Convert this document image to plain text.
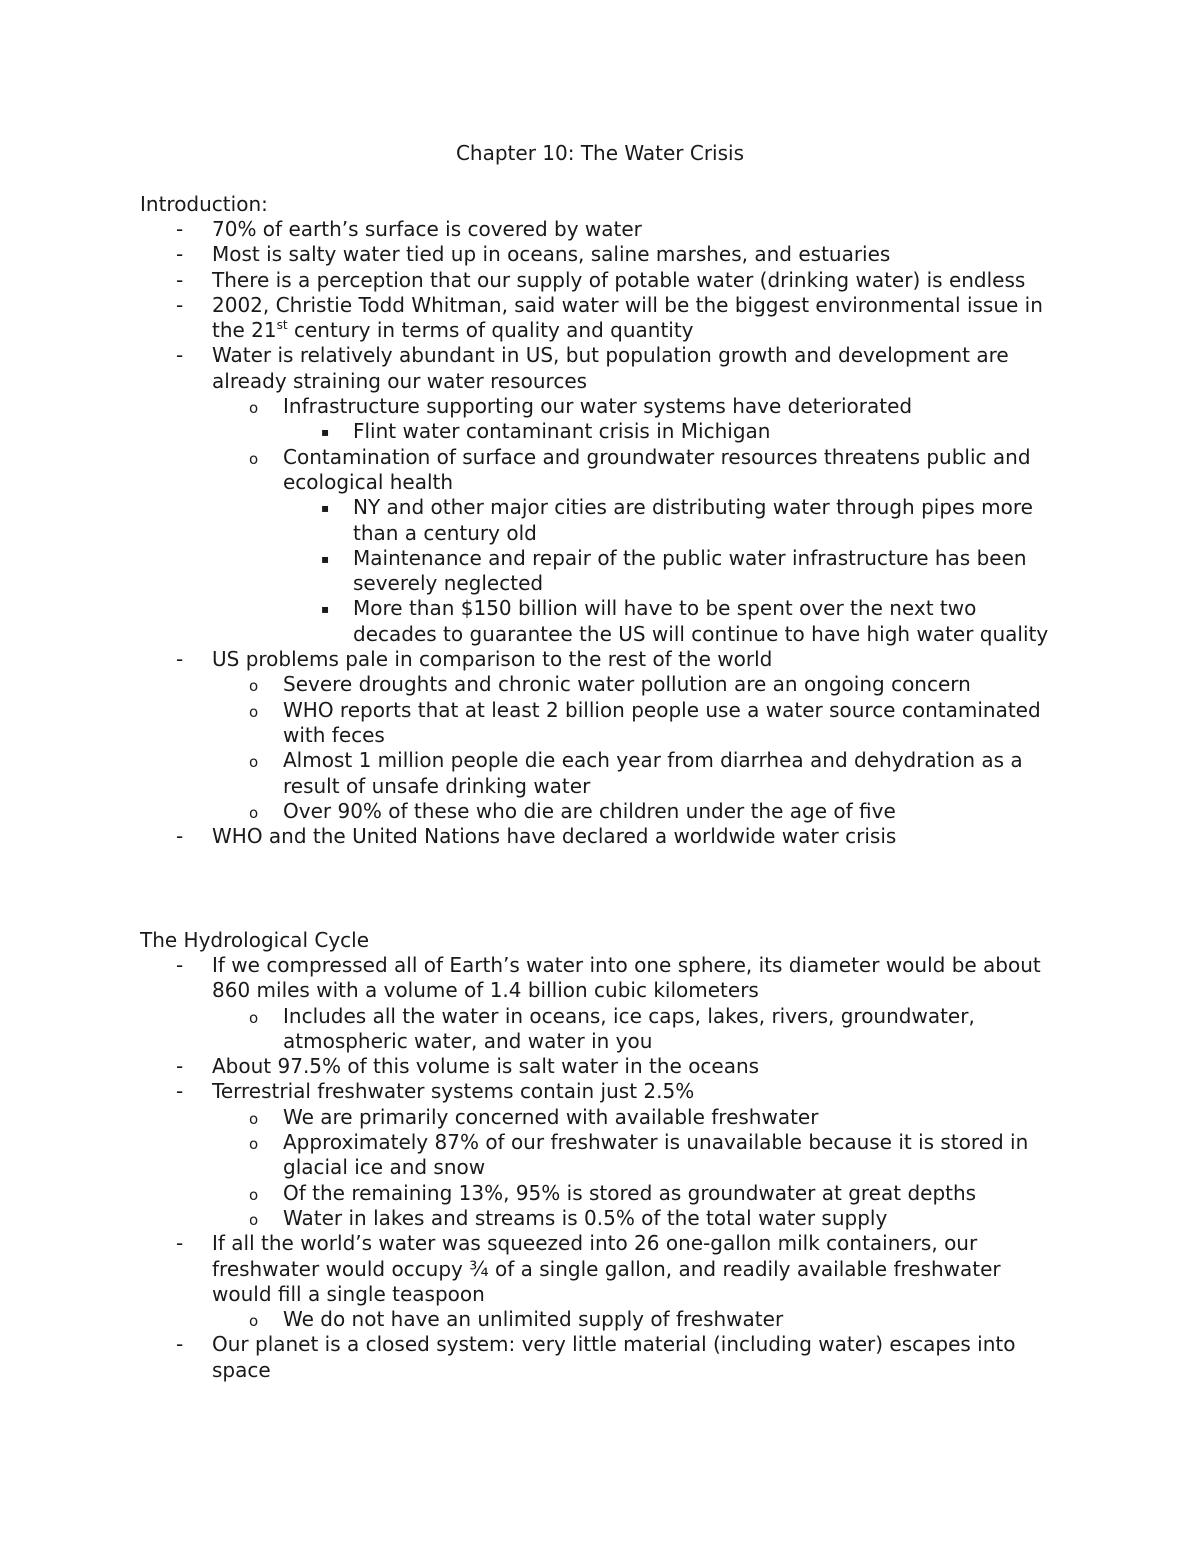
Chapter 10: The Water Crisis
Introduction:
- 70% of earth’s surface is covered by water
- Most is salty water tied up in oceans, saline marshes, and estuaries
- There is a perception that our supply of potable water (drinking water) is endless
- 2002, Christie Todd Whitman, said water will be the biggest environmental issue in the 21st century in terms of quality and quantity
- Water is relatively abundant in US, but population growth and development are already straining our water resources
o Infrastructure supporting our water systems have deteriorated
▪ Flint water contaminant crisis in Michigan
o Contamination of surface and groundwater resources threatens public and ecological health
▪ NY and other major cities are distributing water through pipes more than a century old
▪ Maintenance and repair of the public water infrastructure has been severely neglected
▪ More than $150 billion will have to be spent over the next two decades to guarantee the US will continue to have high water quality
- US problems pale in comparison to the rest of the world
o Severe droughts and chronic water pollution are an ongoing concern
o WHO reports that at least 2 billion people use a water source contaminated with feces
o Almost 1 million people die each year from diarrhea and dehydration as a result of unsafe drinking water
o Over 90% of these who die are children under the age of five
- WHO and the United Nations have declared a worldwide water crisis
The Hydrological Cycle
- If we compressed all of Earth’s water into one sphere, its diameter would be about 860 miles with a volume of 1.4 billion cubic kilometers
o Includes all the water in oceans, ice caps, lakes, rivers, groundwater, atmospheric water, and water in you
- About 97.5% of this volume is salt water in the oceans
- Terrestrial freshwater systems contain just 2.5%
o We are primarily concerned with available freshwater
o Approximately 87% of our freshwater is unavailable because it is stored in glacial ice and snow
o Of the remaining 13%, 95% is stored as groundwater at great depths
o Water in lakes and streams is 0.5% of the total water supply
- If all the world’s water was squeezed into 26 one-gallon milk containers, our freshwater would occupy ¾ of a single gallon, and readily available freshwater would fill a single teaspoon
o We do not have an unlimited supply of freshwater
- Our planet is a closed system: very little material (including water) escapes into space
